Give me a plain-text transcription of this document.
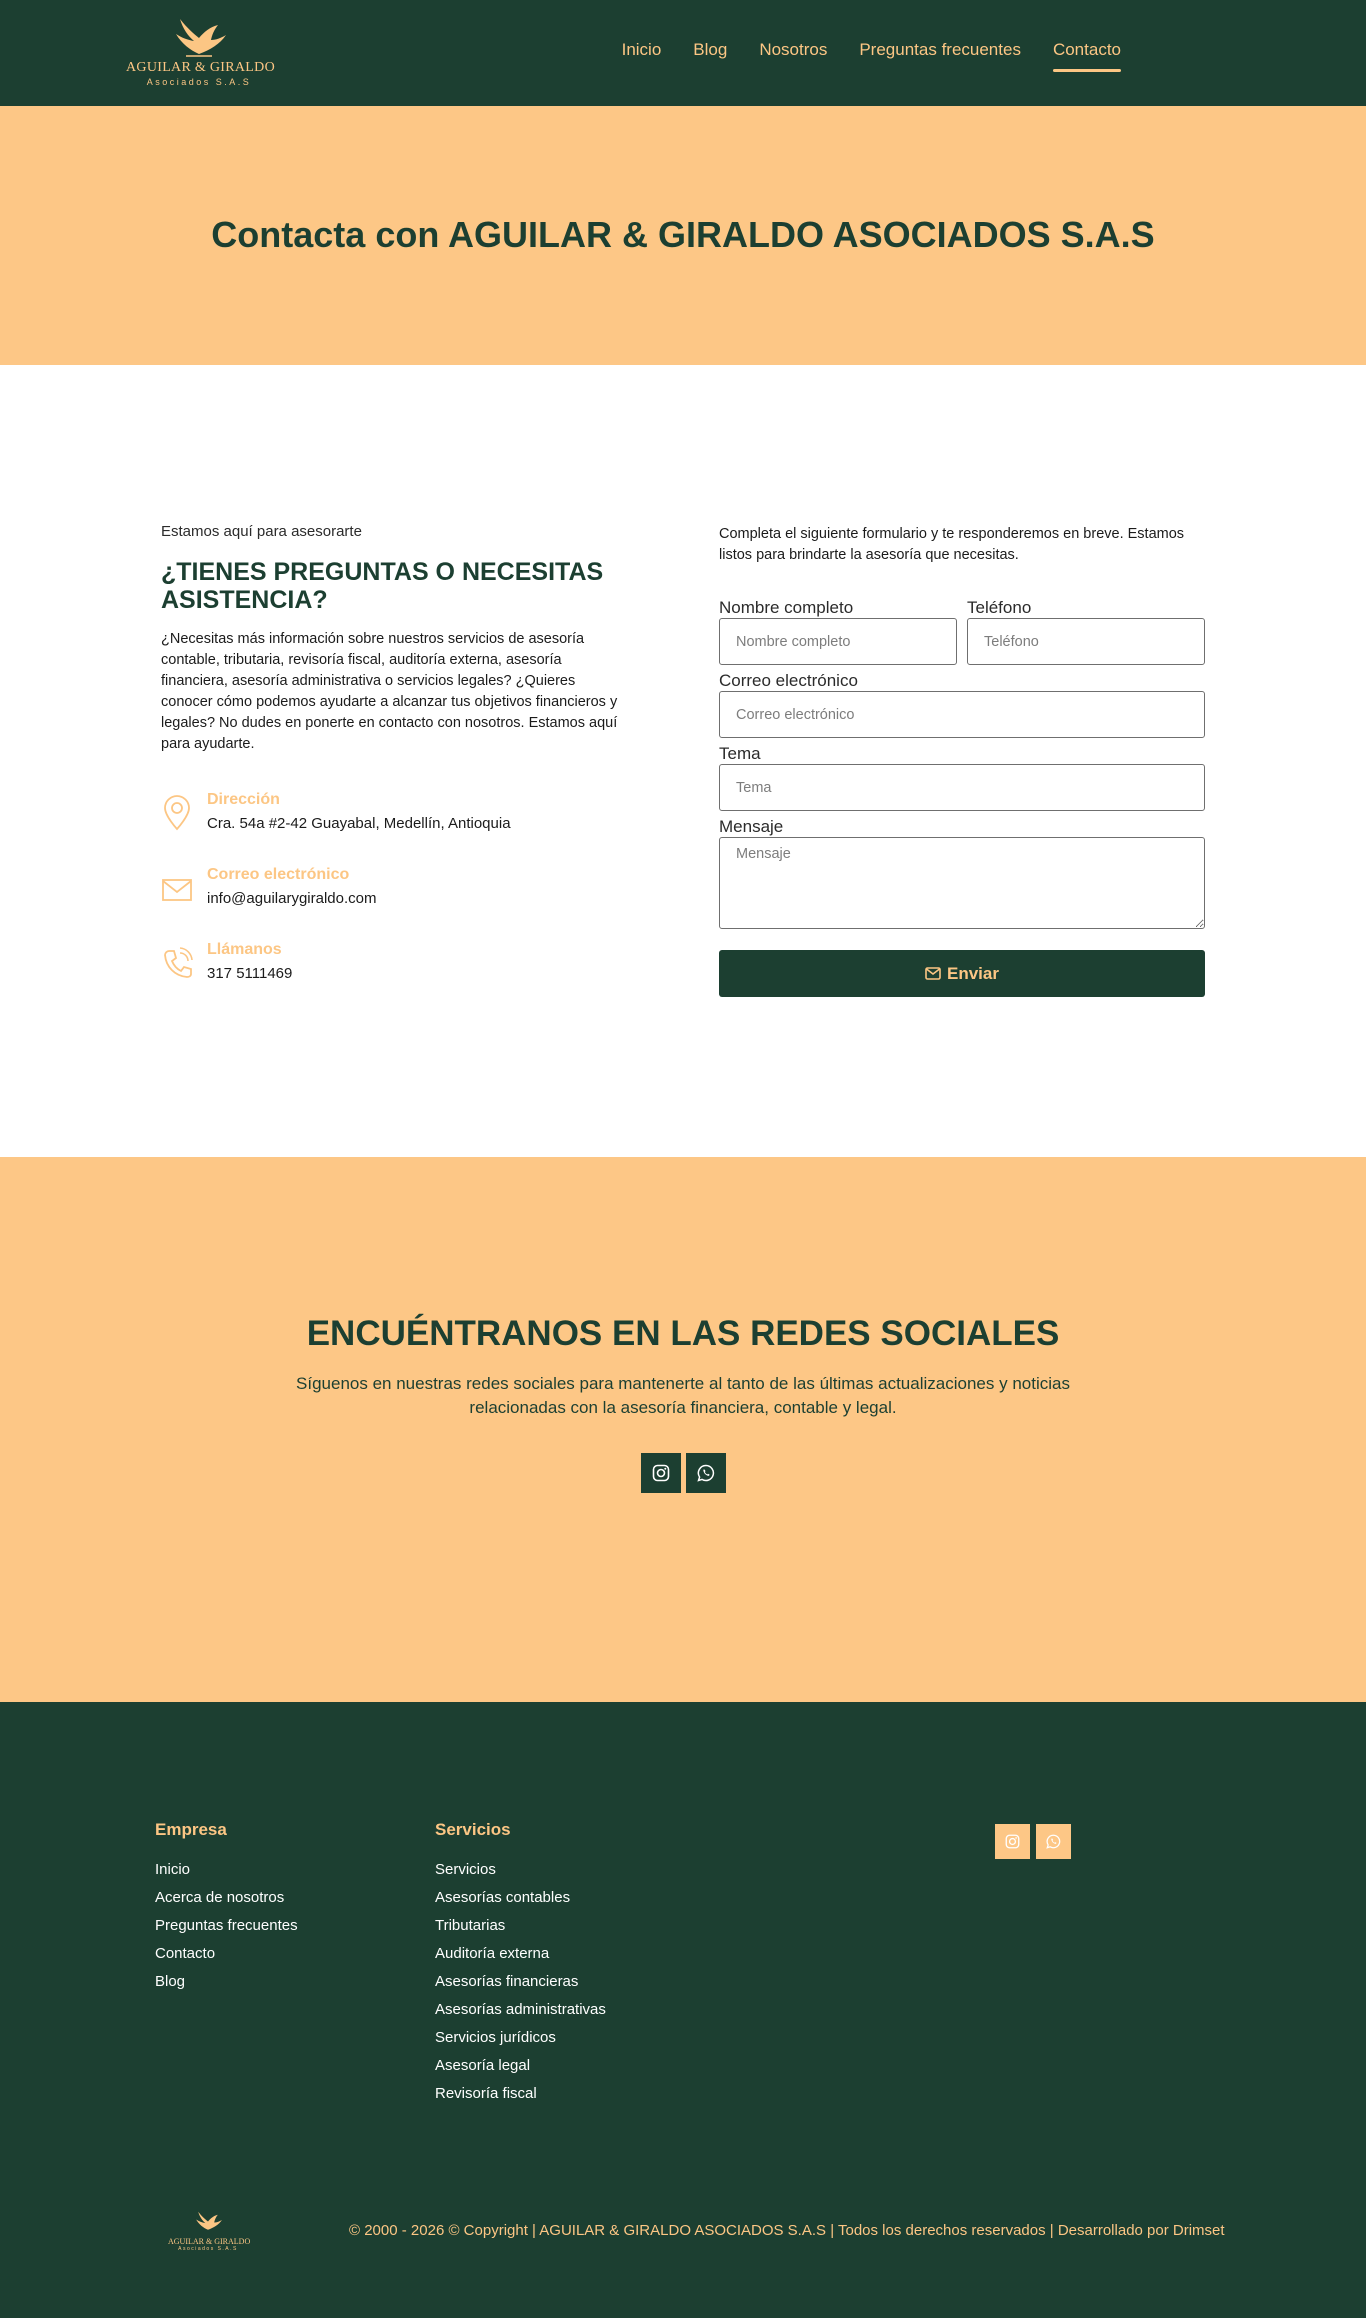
AGUILAR & GIRALDO
Asociados S.A.S
Inicio Blog Nosotros Preguntas frecuentes Contacto
Contacta con AGUILAR & GIRALDO ASOCIADOS S.A.S
Estamos aquí para asesorarte
¿TIENES PREGUNTAS O NECESITAS ASISTENCIA?

¿Necesitas más información sobre nuestros servicios de asesoría contable, tributaria, revisoría fiscal, auditoría externa, asesoría financiera, asesoría administrativa o servicios legales? ¿Quieres conocer cómo podemos ayudarte a alcanzar tus objetivos financieros y legales? No dudes en ponerte en contacto con nosotros. Estamos aquí para ayudarte.

Dirección
Cra. 54a #2-42 Guayabal, Medellín, Antioquia
Correo electrónico
info@aguilarygiraldo.com
Llámanos
317 5111469

Completa el siguiente formulario y te responderemos en breve. Estamos listos para brindarte la asesoría que necesitas.

Nombre completo
Nombre completo	Teléfono
Teléfono
Correo electrónico
Correo electrónico
Tema
Tema
Mensaje
Mensaje
Enviar
ENCUÉNTRANOS EN LAS REDES SOCIALES

Síguenos en nuestras redes sociales para mantenerte al tanto de las últimas actualizaciones y noticias relacionadas con la asesoría financiera, contable y legal.

Empresa
Inicio
Acerca de nosotros
Preguntas frecuentes
Contacto
Blog
Servicios
Servicios
Asesorías contables
Tributarias
Auditoría externa
Asesorías financieras
Asesorías administrativas
Servicios jurídicos
Asesoría legal
Revisoría fiscal
AGUILAR & GIRALDO
Asociados S.A.S
© 2000 - 2026 © Copyright | AGUILAR & GIRALDO ASOCIADOS S.A.S | Todos los derechos reservados | Desarrollado por Drimset
